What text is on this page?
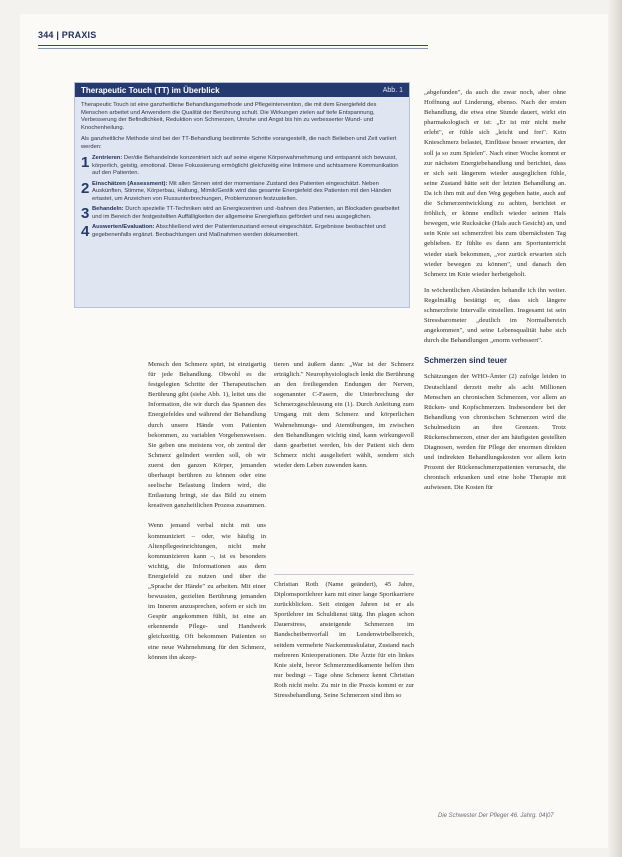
344 | PRAXIS
Therapeutic Touch (TT) im Überblick	Abb. 1

Therapeutic Touch ist eine ganzheitliche Behandlungsmethode und Pflegeintervention, die mit dem Energiefeld des Menschen arbeitet und Anwendern die Qualität der Berührung schult. Die Wirkungen zielen auf tiefe Entspannung, Verbesserung der Befindlichkeit, Reduktion von Schmerzen, Unruhe und Angst bis hin zu verbesserter Wund- und Knochenheilung.

Als ganzheitliche Methode sind bei der TT-Behandlung bestimmte Schritte vorangestellt, die nach Belieben und Zeit variiert werden:

1 Zentrieren: Der/die Behandelnde konzentriert sich auf seine eigene Körperwahrnehmung und entspannt sich bewusst, körperlich, geistig, emotional. Diese Fokussierung ermöglicht gleichzeitig eine Intimere und achtsamere Kommunikation auf den Patienten.
2 Einschätzen (Assessment): Mit allen Sinnen wird der momentane Zustand des Patienten eingeschätzt. Neben Auskünften, Stimme, Körperbau, Haltung, Mimik/Gestik wird das gesamte Energiefeld des Patienten mit den Händen ertastet, um Anzeichen von Flussunterbrechungen, Problemzonen festzustellen.
3 Behandeln: Durch spezielle TT-Techniken wird an Energiezentren und -bahnen des Patienten, an Blockaden gearbeitet und im Bereich der festgestellten Auffälligkeiten der allgemeine Energiefluss gefördert und neu ausgeglichen.
4 Auswerten/Evaluation: Abschließend wird der Patientenzustand erneut eingeschätzt. Ergebnisse beobachtet und gegebenenfalls ergänzt. Beobachtungen und Maßnahmen werden dokumentiert.

Mensch den Schmerz spürt, ist einzigartig für jede Behandlung. Obwohl es die festgelegten Schritte der Therapeutischen Berührung gibt (siehe Abb. 1), leitet uns die Information, die wir durch das Spannen des Energiefeldes und während der Behandlung durch unsere Hände vom Patienten bekommen, zu variablen Vorgehensweisen. Sie geben uns meistens vor, ob zentral der Schmerz gelindert werden soll, ob wir zuerst den ganzen Körper, jemanden überhaupt berühren zu können oder eine seelische Belastung lindern wird, die Entlastung bringt, sie das Bild zu einem kreativen ganzheitlichen Prozess zusammen.

Wenn jemand verbal nicht mit uns kommuniziert – oder, wie häufig in Altenpflegeeinrichtungen, nicht mehr kommunizieren kann –, ist es besonders wichtig, die Informationen aus dem Energiefeld zu nutzen und über die „Sprache der Hände" zu arbeiten. Mit einer bewussten, gezielten Berührung jemanden im Inneren anzusprechen, sofern er sich im Gespür angekommen fühlt, ist eine an erkennende Pflege- und Handwerk gleichzeitig. Oft bekommen Patienten so eine neue Wahrnehmung für den Schmerz, können ihn akzep-

tieren und äußern dann: „War ist der Schmerz erträglich." Neurophysiologisch lenkt die Berührung an den freiliegenden Endungen der Nerven, sogenannter C-Fasern, die Unterbrechung der Schmerzgeschleusung ein (1). Durch Anleitung zum Umgang mit dem Schmerz und körperlichen Wahrnehmungs- und Atemübungen, im zwischen den Behandlungen wichtig sind, kann wirkungsvoll dann gearbeitet werden, bis der Patient sich dem Schmerz nicht ausgeliefert wählt, sondern sich wieder dem Leben zuwenden kann.

Christian Roth (Name geändert), 45 Jahre, Diplomsportlehrer kam mit einer lange Sportkarriere zurückblicken. Seit einigen Jahren ist er als Sportlehrer im Schuldienst tätig. Ihn plagen schon Dauerstress, ansteigende Schmerzen im Bandscheibenvorfall im Lendenwirbelbereich, seitdem vermehrte Nackenmuskulatur, Zustand nach mehreren Knieoperationen. Die Ärzte für ein linkes Knie sieht, bevor Schmerzmedikamente helfen ihm nur bedingt – Tage ohne Schmerz kennt Christian Roth nicht mehr. Zu mir in die Praxis kommt er zur Stressbehandlung. Seine Schmerzen sind ihm so

„abgefunden", da auch die zwar noch, aber ohne Hoffnung auf Linderung, ebenso. Nach der ersten Behandlung, die etwa eine Stunde dauert, wirkt ein pharmakologisch er ist: „Er ist mir nicht mehr erlebt", er fühle sich „leicht und frei". Kein Knieschmerz belastet, Einflüsse besser erwarten, der soll ja so zum Spielen". Nach einer Woche kommt er zur nächsten Energiebehandlung und berichtet, dass er sich seit längerem wieder ausgeglichen fühle, seine Zustand hätte seit der letzten Behandlung an. Da ich ihm mit auf den Weg gegeben hatte, auch auf die Schmerzentwicklung zu achten, berichtet er fröhlich, er könne endlich wieder seinen Hals bewegen, wie Rucksäcke (Hals auch Gesicht) an, und sein Knie sei schmerzfrei bis zum übernächsten Tag geblieben. Er fühlte es dann am Sportunterricht wieder stark bekommen, „vor zurück erwarten sich wieder bewegen zu können", und danach den Schmerz im Knie wieder herbeigeholt.

In wöchentlichen Abständen behandle ich ihn weiter. Regelmäßig bestätigt er, dass sich längere schmerzfreie Intervalle einstellen. Insgesamt ist sein Stressbarometer „deutlich im Normalbereich angekommen", und seine Lebensqualität habe sich durch die Behandlungen „enorm verbessert".

Schmerzen sind teuer

Schätzungen der WHO-Ämter (2) zufolge leiden in Deutschland derzeit mehr als acht Millionen Menschen an chronischen Schmerzen, vor allem an Rücken- und Kopfschmerzen. Insbesondere bei der Behandlung von chronischen Schmerzen wird die Schulmedizin an ihre Grenzen. Trotz Rückenschmerzen, einer der am häufigsten gestellten Diagnosen, werden für Pflege der enormen direkten und indirekten Behandlungskosten vor allem kein Prozent der Rückenschmerzpatienten verursacht, die chronisch erkranken und eine hohe Therapie mit aufwiesen. Die Kosten für

Die Schwester Der Pfleger 46. Jahrg. 04|07
